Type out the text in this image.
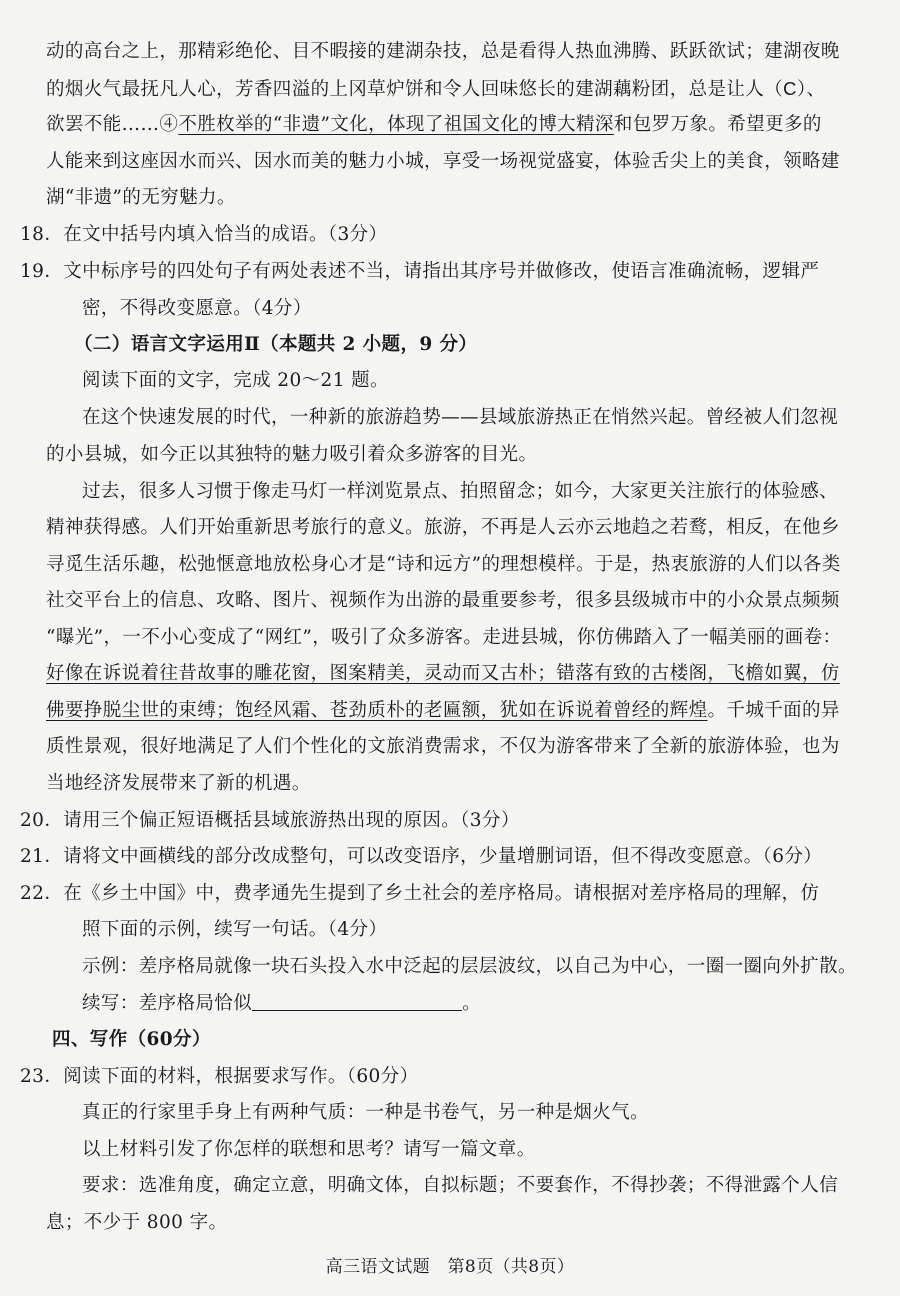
动的高台之上，那精彩绝伦、目不暇接的建湖杂技，总是看得人热血沸腾、跃跃欲试；建湖夜晚
的烟火气最抚凡人心，芳香四溢的上冈草炉饼和令人回味悠长的建湖藕粉团，总是让人（C）、
欲罢不能……④不胜枚举的“非遗”文化，体现了祖国文化的博大精深和包罗万象。希望更多的
人能来到这座因水而兴、因水而美的魅力小城，享受一场视觉盛宴，体验舌尖上的美食，领略建
湖“非遗”的无穷魅力。
18．在文中括号内填入恰当的成语。（3分）
19．文中标序号的四处句子有两处表述不当，请指出其序号并做修改，使语言准确流畅，逻辑严
密，不得改变愿意。（4分）
（二）语言文字运用Ⅱ（本题共 2 小题，9 分）
阅读下面的文字，完成 20～21 题。
在这个快速发展的时代，一种新的旅游趋势——县域旅游热正在悄然兴起。曾经被人们忽视
的小县城，如今正以其独特的魅力吸引着众多游客的目光。
过去，很多人习惯于像走马灯一样浏览景点、拍照留念；如今，大家更关注旅行的体验感、
精神获得感。人们开始重新思考旅行的意义。旅游，不再是人云亦云地趋之若鹜，相反，在他乡
寻觅生活乐趣，松弛惬意地放松身心才是“诗和远方”的理想模样。于是，热衷旅游的人们以各类
社交平台上的信息、攻略、图片、视频作为出游的最重要参考，很多县级城市中的小众景点频频
“曝光”，一不小心变成了“网红”，吸引了众多游客。走进县城，你仿佛踏入了一幅美丽的画卷：
好像在诉说着往昔故事的雕花窗，图案精美，灵动而又古朴；错落有致的古楼阁，飞檐如翼，仿
佛要挣脱尘世的束缚；饱经风霜、苍劲质朴的老匾额，犹如在诉说着曾经的辉煌。千城千面的异
质性景观，很好地满足了人们个性化的文旅消费需求，不仅为游客带来了全新的旅游体验，也为
当地经济发展带来了新的机遇。
20．请用三个偏正短语概括县域旅游热出现的原因。（3分）
21．请将文中画横线的部分改成整句，可以改变语序，少量增删词语，但不得改变愿意。（6分）
22．在《乡土中国》中，费孝通先生提到了乡土社会的差序格局。请根据对差序格局的理解，仿
照下面的示例，续写一句话。（4分）
示例：差序格局就像一块石头投入水中泛起的层层波纹，以自己为中心，一圈一圈向外扩散。
续写：差序格局恰似	。
四、写作（60分）
23．阅读下面的材料，根据要求写作。（60分）
真正的行家里手身上有两种气质：一种是书卷气，另一种是烟火气。
以上材料引发了你怎样的联想和思考？请写一篇文章。
要求：选准角度，确定立意，明确文体，自拟标题；不要套作，不得抄袭；不得泄露个人信
息；不少于 800 字。
高三语文试题　第8页（共8页）
